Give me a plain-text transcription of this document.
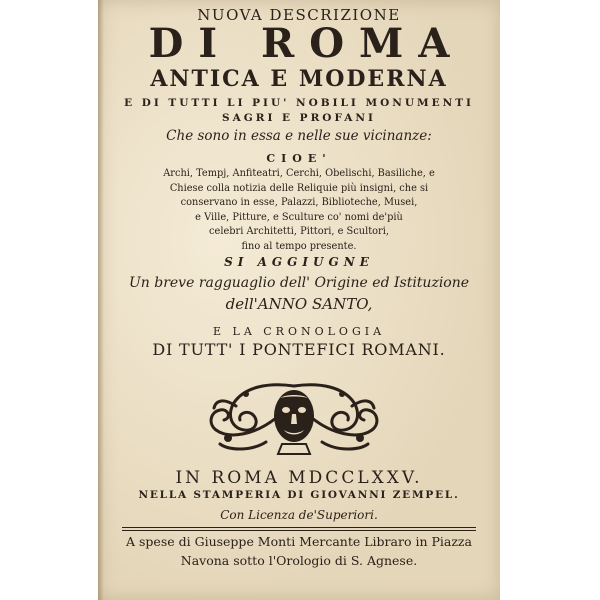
NUOVA DESCRIZIONE
DI ROMA
ANTICA E MODERNA
E DI TUTTI LI PIU' NOBILI MONUMENTI
SAGRI E PROFANI
Che sono in essa e nelle sue vicinanze:
CIOE'
Archi, Tempj, Anfiteatri, Cerchi, Obelischi, Basiliche, e
Chiese colla notizia delle Reliquie più insigni, che si
conservano in esse, Palazzi, Biblioteche, Musei,
e Ville, Pitture, e Sculture co' nomi de'più
celebri Architetti, Pittori, e Scultori,
fino al tempo presente.
SI AGGIUGNE
Un breve ragguaglio dell' Origine ed Istituzione
dell'ANNO SANTO,
E LA CRONOLOGIA
DI TUTT' I PONTEFICI ROMANI.
IN ROMA MDCCLXXV.
NELLA STAMPERIA DI GIOVANNI ZEMPEL.
Con Licenza de'Superiori.
A spese di Giuseppe Monti Mercante Libraro in Piazza
Navona sotto l'Orologio di S. Agnese.
